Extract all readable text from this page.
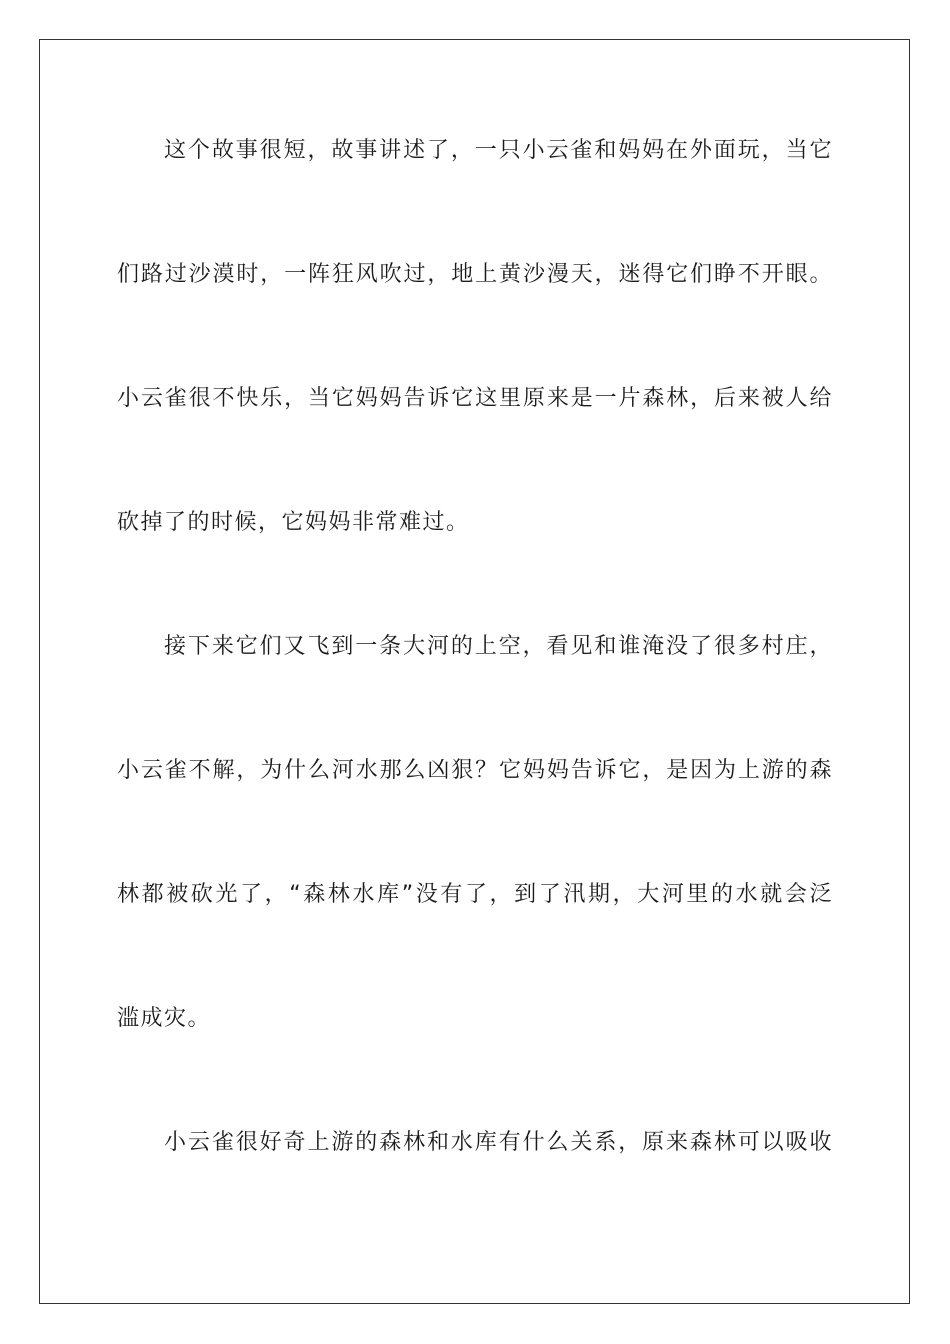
这个故事很短，故事讲述了，一只小云雀和妈妈在外面玩，当它
们路过沙漠时，一阵狂风吹过，地上黄沙漫天，迷得它们睁不开眼。
小云雀很不快乐，当它妈妈告诉它这里原来是一片森林，后来被人给
砍掉了的时候，它妈妈非常难过。
接下来它们又飞到一条大河的上空，看见和谁淹没了很多村庄，
小云雀不解，为什么河水那么凶狠？它妈妈告诉它，是因为上游的森
林都被砍光了，“森林水库”没有了，到了汛期，大河里的水就会泛
滥成灾。
小云雀很好奇上游的森林和水库有什么关系，原来森林可以吸收
